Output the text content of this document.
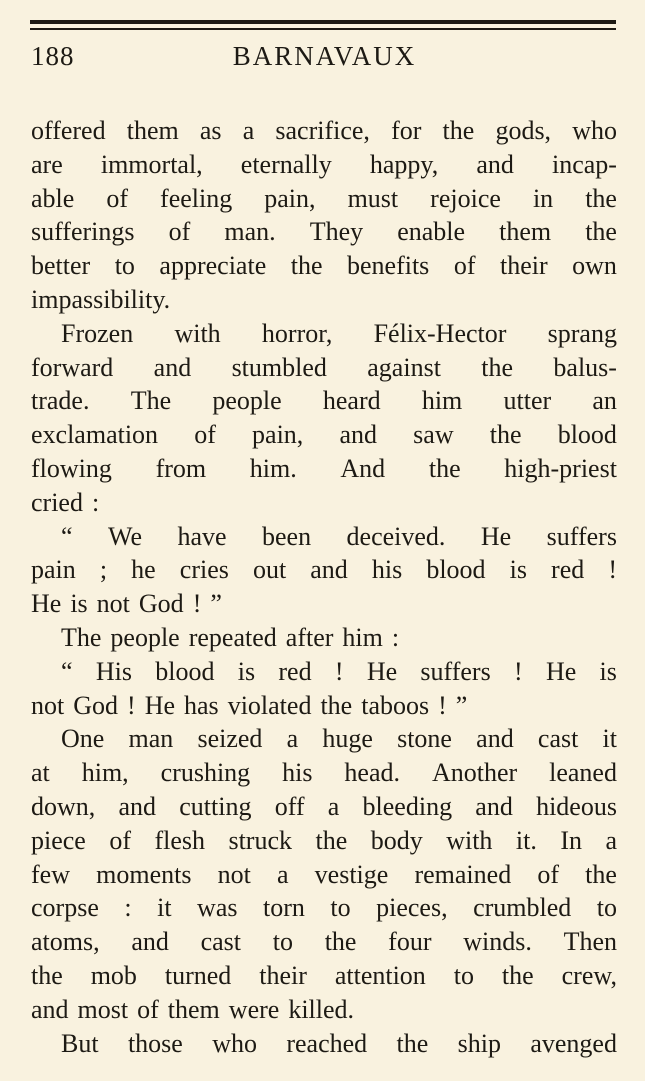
188	BARNAVAUX
offered them as a sacrifice, for the gods, who
are immortal, eternally happy, and incap-
able of feeling pain, must rejoice in the
sufferings of man. They enable them the
better to appreciate the benefits of their own
impassibility.
Frozen with horror, Félix-Hector sprang
forward and stumbled against the balus-
trade. The people heard him utter an
exclamation of pain, and saw the blood
flowing from him. And the high-priest
cried :
“ We have been deceived. He suffers
pain ; he cries out and his blood is red !
He is not God ! ”
The people repeated after him :
“ His blood is red ! He suffers ! He is
not God ! He has violated the taboos ! ”
One man seized a huge stone and cast it
at him, crushing his head. Another leaned
down, and cutting off a bleeding and hideous
piece of flesh struck the body with it. In a
few moments not a vestige remained of the
corpse : it was torn to pieces, crumbled to
atoms, and cast to the four winds. Then
the mob turned their attention to the crew,
and most of them were killed.
But those who reached the ship avenged
